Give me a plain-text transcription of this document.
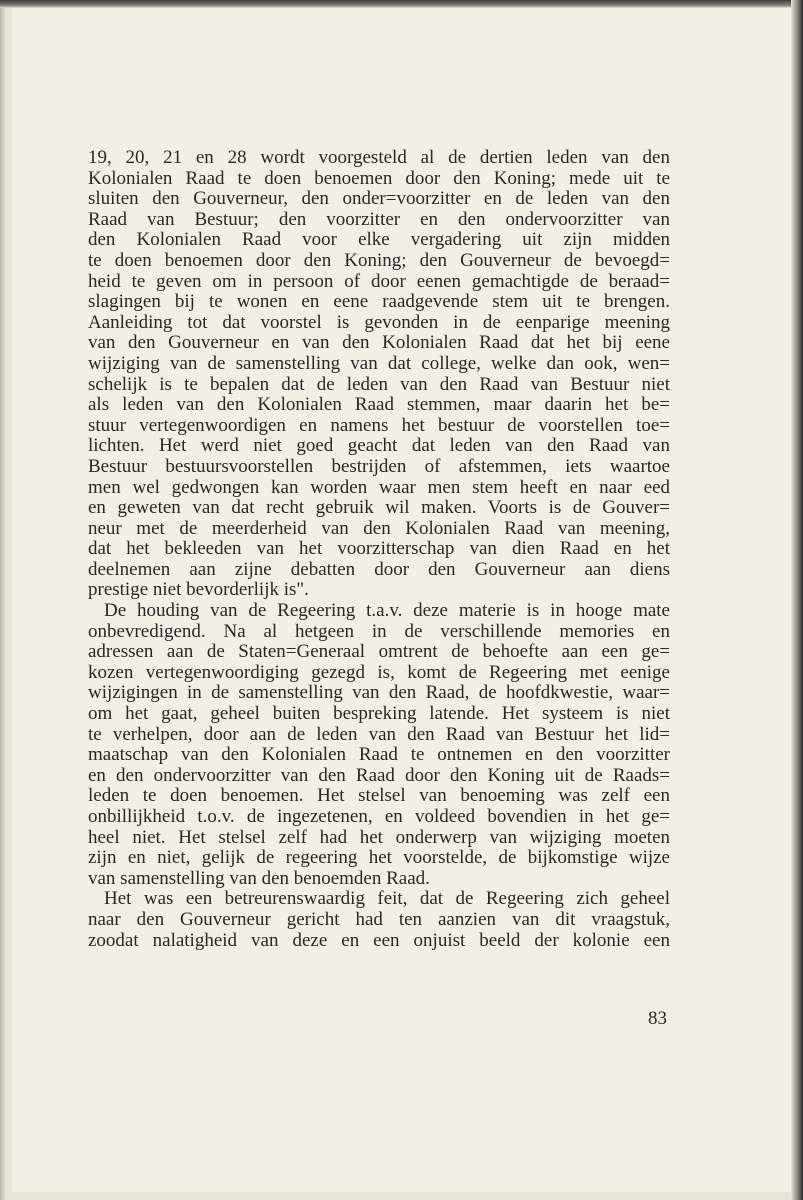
19, 20, 21 en 28 wordt voorgesteld al de dertien leden van den
Kolonialen Raad te doen benoemen door den Koning; mede uit te
sluiten den Gouverneur, den onder=voorzitter en de leden van den
Raad van Bestuur; den voorzitter en den ondervoorzitter van
den Kolonialen Raad voor elke vergadering uit zijn midden
te doen benoemen door den Koning; den Gouverneur de bevoegd=
heid te geven om in persoon of door eenen gemachtigde de beraad=
slagingen bij te wonen en eene raadgevende stem uit te brengen.
Aanleiding tot dat voorstel is gevonden in de eenparige meening
van den Gouverneur en van den Kolonialen Raad dat het bij eene
wijziging van de samenstelling van dat college, welke dan ook, wen=
schelijk is te bepalen dat de leden van den Raad van Bestuur niet
als leden van den Kolonialen Raad stemmen, maar daarin het be=
stuur vertegenwoordigen en namens het bestuur de voorstellen toe=
lichten. Het werd niet goed geacht dat leden van den Raad van
Bestuur bestuursvoorstellen bestrijden of afstemmen, iets waartoe
men wel gedwongen kan worden waar men stem heeft en naar eed
en geweten van dat recht gebruik wil maken. Voorts is de Gouver=
neur met de meerderheid van den Kolonialen Raad van meening,
dat het bekleeden van het voorzitterschap van dien Raad en het
deelnemen aan zijne debatten door den Gouverneur aan diens
prestige niet bevorderlijk is".
De houding van de Regeering t.a.v. deze materie is in hooge mate
onbevredigend. Na al hetgeen in de verschillende memories en
adressen aan de Staten=Generaal omtrent de behoefte aan een ge=
kozen vertegenwoordiging gezegd is, komt de Regeering met eenige
wijzigingen in de samenstelling van den Raad, de hoofdkwestie, waar=
om het gaat, geheel buiten bespreking latende. Het systeem is niet
te verhelpen, door aan de leden van den Raad van Bestuur het lid=
maatschap van den Kolonialen Raad te ontnemen en den voorzitter
en den ondervoorzitter van den Raad door den Koning uit de Raads=
leden te doen benoemen. Het stelsel van benoeming was zelf een
onbillijkheid t.o.v. de ingezetenen, en voldeed bovendien in het ge=
heel niet. Het stelsel zelf had het onderwerp van wijziging moeten
zijn en niet, gelijk de regeering het voorstelde, de bijkomstige wijze
van samenstelling van den benoemden Raad.
Het was een betreurenswaardig feit, dat de Regeering zich geheel
naar den Gouverneur gericht had ten aanzien van dit vraagstuk,
zoodat nalatigheid van deze en een onjuist beeld der kolonie een
83
